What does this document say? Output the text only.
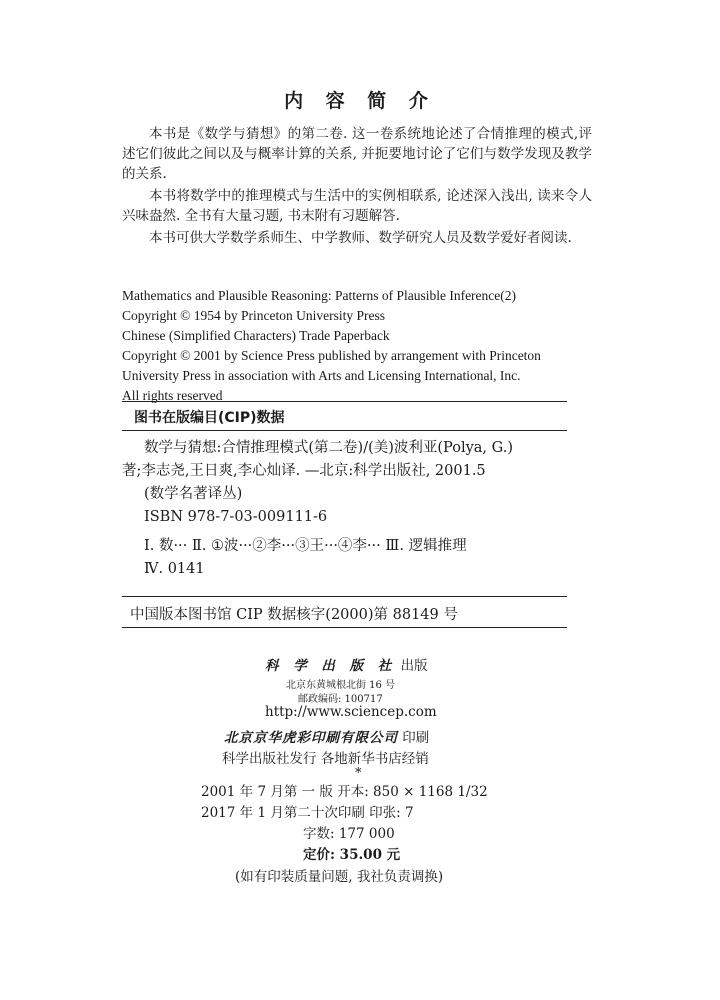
内 容 简 介

本书是《数学与猜想》的第二卷. 这一卷系统地论述了合情推理的模式,评述它们彼此之间以及与概率计算的关系, 并扼要地讨论了它们与数学发现及教学的关系.

本书将数学中的推理模式与生活中的实例相联系, 论述深入浅出, 读来令人兴味盎然. 全书有大量习题, 书末附有习题解答.

本书可供大学数学系师生、中学教师、数学研究人员及数学爱好者阅读.

Mathematics and Plausible Reasoning: Patterns of Plausible Inference(2)
Copyright © 1954 by Princeton University Press
Chinese (Simplified Characters) Trade Paperback
Copyright © 2001 by Science Press published by arrangement with Princeton
University Press in association with Arts and Licensing International, Inc.
All rights reserved
图书在版编目(CIP)数据
数学与猜想:合情推理模式(第二卷)/(美)波利亚(Polya, G.)
著;李志尧,王日爽,李心灿译. —北京:科学出版社, 2001.5
(数学名著译丛)
ISBN 978-7-03-009111-6
Ⅰ. 数··· Ⅱ. ①波···②李···③王···④李··· Ⅲ. 逻辑推理
Ⅳ. 0141
中国版本图书馆 CIP 数据核字(2000)第 88149 号
科 学 出 版 社 出版
北京东黄城根北街 16 号
邮政编码: 100717
http://www.sciencep.com
北京京华虎彩印刷有限公司 印刷
科学出版社发行 各地新华书店经销
*
2001 年 7 月第 一 版 开本: 850 × 1168 1/32
2017 年 1 月第二十次印刷 印张: 7
字数: 177 000
定价: 35.00 元
(如有印装质量问题, 我社负责调换)
